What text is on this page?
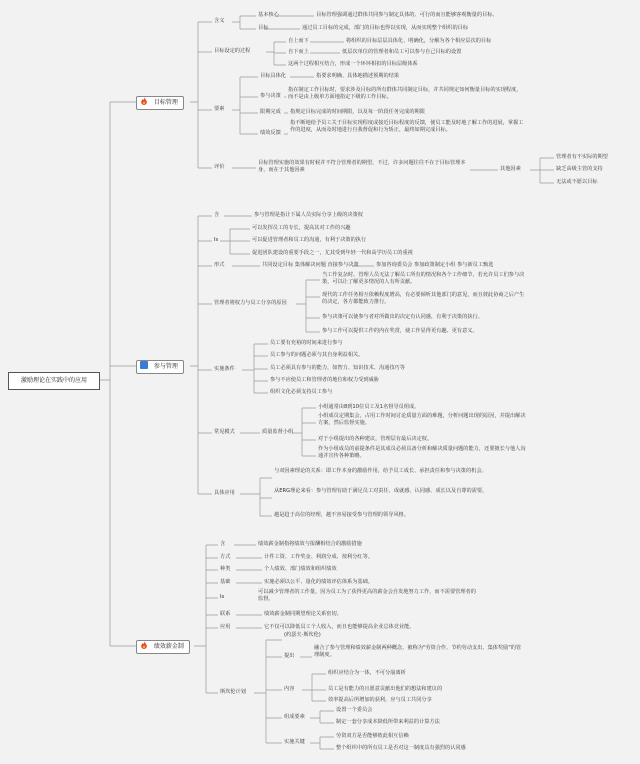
激励理论在实践中的应用
目标管理
含义
基本核心	目标管理强调通过群体共同参与制定具体的、可行的而且能够客观衡量的目标。
目标	通过员工目标的完成，部门的目标也得以实现，从而实现整个组织的目标
目标设定的过程
自上而下	将组织的目标层层具体化、明确化，分解为各个相应层次的目标
自下而上	低层次单位的管理者和员工可以参与自己目标的设置
这两个过程相互结合，形成一个环环相扣的目标层级体系
要素
目标具体化	指要求明确、具体地描述预期的结果
参与决策
指在制定工作目标时，要求涉及目标的所有群体共同制定目标，并共同规定如何衡量目标的实现程度，而不是由上级单方面地指定下级的工作目标。
限期完成 指规定目标完成的时间期限，以及每一阶段任务完成的期限
绩效反馈
指不断地给予员工关于目标实现程度或接近目标程度的反馈，使员工能及时地了解工作的进展，掌握工作的进度，从而及时地进行自我督促和行为矫正，最终如期完成目标。
评价
目标管理实施的效果有时候并不符合管理者的期望，不过，许多问题往往不在于目标管理本身，而在于其他因素	其他因素
管理者有不实际的期望
缺乏高级主管的支持
无法或不愿以目标
参与管理
含	参与管理是指让下属人员实际分享上级的决策权
Is
可以发挥员工的专长，提高其对工作的兴趣
可以促进管理者和员工的沟通，有利于决策的执行
促进团队建设的重要手段之一，尤其受到年轻一代和高学历员工的重视
形式	共同设定目标 集体解决问题 直接参与决策	参加咨询委员会 参加政策制定小组 参与新员工甄选
管理者将权力与员工分享的原因
当工作复杂时，管理人员无法了解员工所有的情况和各个工作细节，若允许员工们参与决策，可以让了解更多情况的人有所贡献。
现代的工作任务相互依赖程度增高，有必要倾听其他部门的意见，而且彼此协商之后产生的决定，各方都能致力推行。
参与决策可以使参与者对所做出的决定有认同感，有利于决策的执行。
参与工作可以提供工作的内在奖赏，使工作显得更有趣、更有意义。
实施条件
员工要有充裕的时间来进行参与
员工参与的问题必须与其自身利益相关。
员工必须具有参与的能力，如智力、知识技术、沟通技巧等
参与不应使员工和管理者的地位和权力受到威胁
组织文化必须支持员工参与
常见模式	质量监督小组
小组通常由8到10位员工及1名督导员组成。
小组成员定期集会，占用工作时间讨论质量方面的难题，分析问题出现的原因，并提出解决方案，然后监督实施。
对于小组提出的各种建议，管理层有最后决定权。
作为小组成员的前提条件是其成员必须具备分析和解决质量问题的能力，还要擅长与他人沟通并宣传各种策略。
具体应用
与双因素理论的关系：即工作本身的激励作用，给予员工成长、承担责任和参与决策的机会。
从ERG理论来看：参与管理有助于满足员工对责任、成就感、认同感、成长以及自尊的需要。
越是趋于高位的经理，越不容易接受参与管理的领导风格。
绩效薪金制
含	绩效薪金制指将绩效与报酬相结合的激励措施
方式	计件工资、工作奖金、利润分成、按利分红等。
种类	个人绩效、部门绩效和组织绩效
基础	实施必须以公平、量化的绩效评估体系为基础。
Is
可以减少管理者的工作量，因为员工为了获得更高的薪金会自发地努力工作，而不需要管理者的监督。
联系	绩效薪金制同期望理论关系密切。
应用	它不仅可以降低员工个人收入，而且也能够提高企业总体竞业能。
斯坎伦计划
(约瑟夫·斯坎伦)
提出
融合了参与管理和绩效薪金制两种概念，被称为"劳资合作、节约劳动支出、集体奖励"的管理制度。
内容
组织应结合为一体，不可分崩离析
员工是有能力的且愿意贡献出他们的想法和建议的
效率提高后所增加的获利，应与员工共同分享
组成要素
设置一个委员会
制定一套分享成本降低所带来利益的计算方法
实施关键
劳资双方是否能够彼此相互信赖
整个组织中的所有员工是否对这一制度具有强烈的认同感
